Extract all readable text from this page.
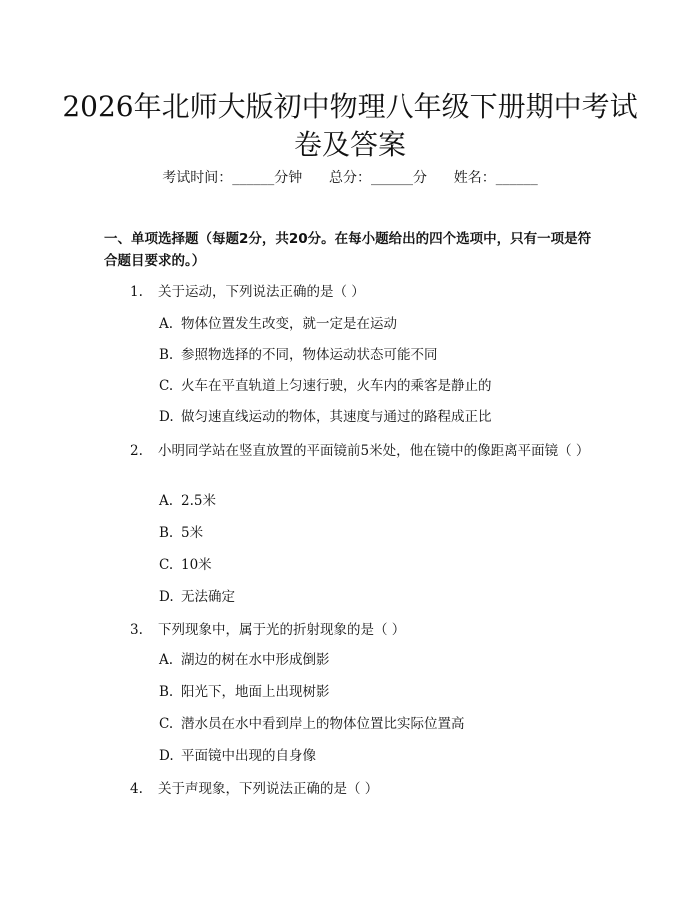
2026年北师大版初中物理八年级下册期中考试卷及答案
考试时间：______分钟      总分：______分      姓名：______
一、单项选择题（每题2分，共20分。在每小题给出的四个选项中，只有一项是符合题目要求的。）
1. 关于运动，下列说法正确的是（ ）
A. 物体位置发生改变，就一定是在运动
B. 参照物选择的不同，物体运动状态可能不同
C. 火车在平直轨道上匀速行驶，火车内的乘客是静止的
D. 做匀速直线运动的物体，其速度与通过的路程成正比
2. 小明同学站在竖直放置的平面镜前5米处，他在镜中的像距离平面镜（ ）
A. 2.5米
B. 5米
C. 10米
D. 无法确定
3. 下列现象中，属于光的折射现象的是（ ）
A. 湖边的树在水中形成倒影
B. 阳光下，地面上出现树影
C. 潜水员在水中看到岸上的物体位置比实际位置高
D. 平面镜中出现的自身像
4. 关于声现象，下列说法正确的是（ ）
